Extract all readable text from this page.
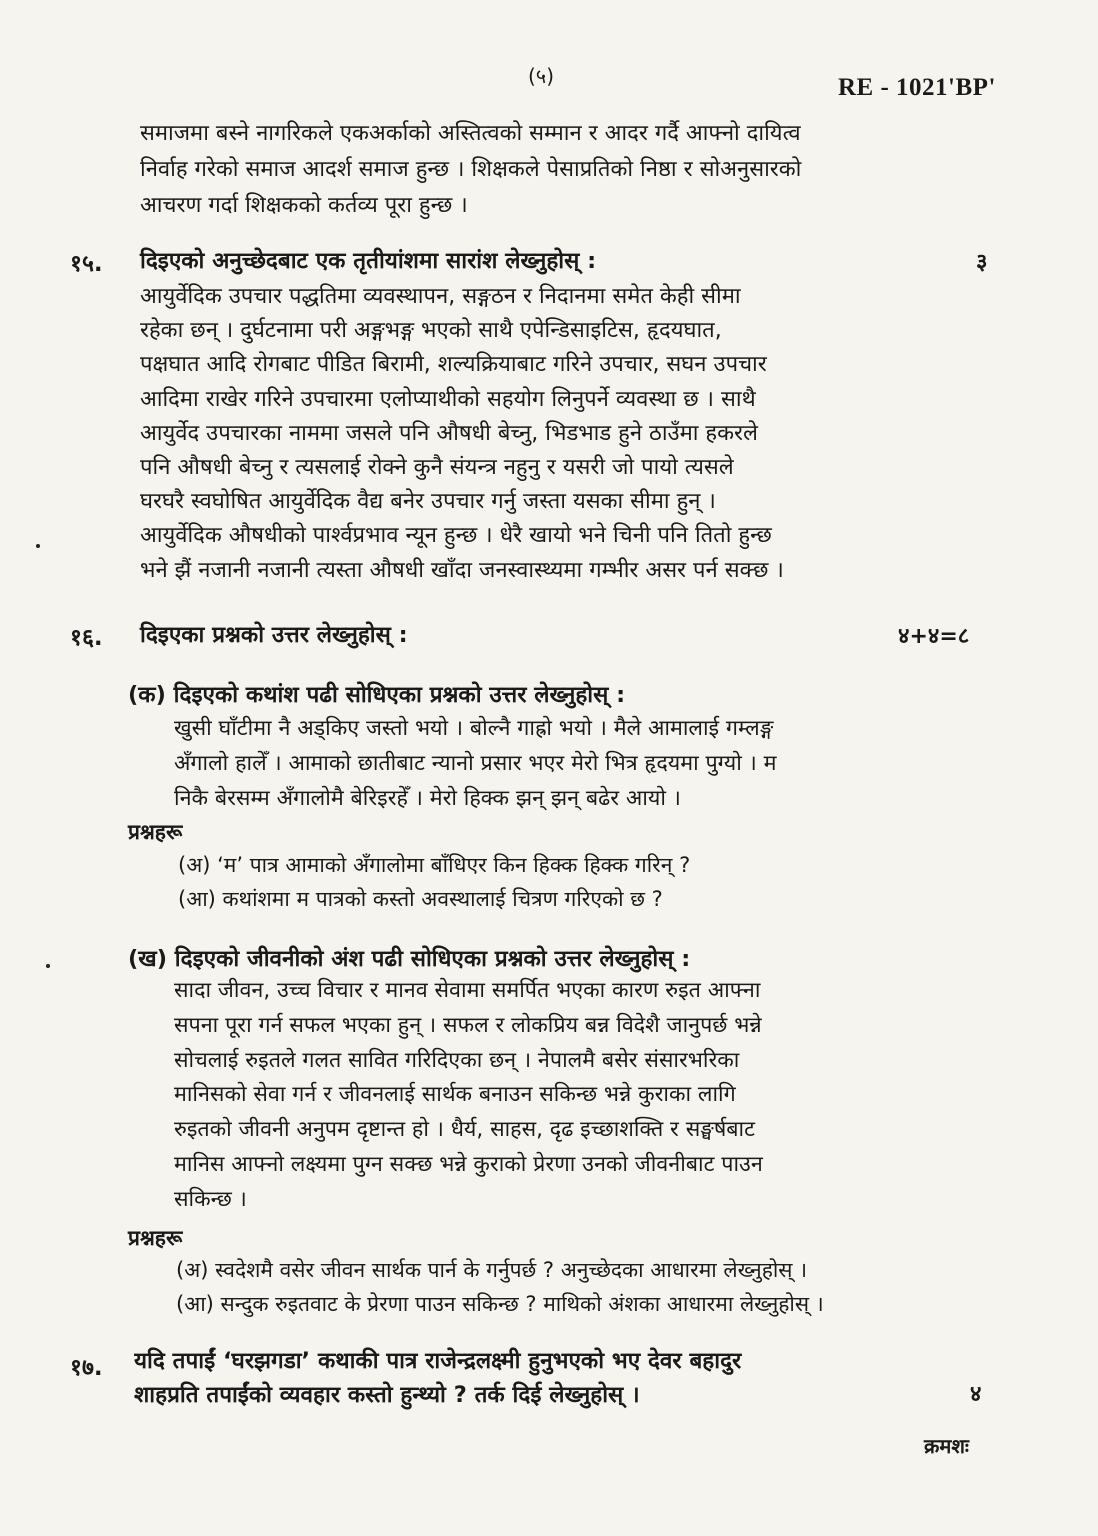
(५)	RE - 1021'BP'
समाजमा बस्ने नागरिकले एकअर्काको अस्तित्वको सम्मान र आदर गर्दै आफ्नो दायित्व
निर्वाह गरेको समाज आदर्श समाज हुन्छ । शिक्षकले पेसाप्रतिको निष्ठा र सोअनुसारको
आचरण गर्दा शिक्षकको कर्तव्य पूरा हुन्छ ।
१५. दिइएको अनुच्छेदबाट एक तृतीयांशमा सारांश लेख्नुहोस् :	३
आयुर्वेदिक उपचार पद्धतिमा व्यवस्थापन, सङ्गठन र निदानमा समेत केही सीमा
रहेका छन् । दुर्घटनामा परी अङ्गभङ्ग भएको साथै एपेन्डिसाइटिस, हृदयघात,
पक्षघात आदि रोगबाट पीडित बिरामी, शल्यक्रियाबाट गरिने उपचार, सघन उपचार
आदिमा राखेर गरिने उपचारमा एलोप्याथीको सहयोग लिनुपर्ने व्यवस्था छ । साथै
आयुर्वेद उपचारका नाममा जसले पनि औषधी बेच्नु, भिडभाड हुने ठाउँमा हकरले
पनि औषधी बेच्नु र त्यसलाई रोक्ने कुनै संयन्त्र नहुनु र यसरी जो पायो त्यसले
घरघरै स्वघोषित आयुर्वेदिक वैद्य बनेर उपचार गर्नु जस्ता यसका सीमा हुन् ।
आयुर्वेदिक औषधीको पार्श्वप्रभाव न्यून हुन्छ । धेरै खायो भने चिनी पनि तितो हुन्छ
भने झैं नजानी नजानी त्यस्ता औषधी खाँदा जनस्वास्थ्यमा गम्भीर असर पर्न सक्छ ।
१६. दिइएका प्रश्नको उत्तर लेख्नुहोस् :	४+४=८
(क) दिइएको कथांश पढी सोधिएका प्रश्नको उत्तर लेख्नुहोस् :
खुसी घाँटीमा नै अड्किए जस्तो भयो । बोल्नै गाह्रो भयो । मैले आमालाई गम्लङ्ग
अँगालो हालेँ । आमाको छातीबाट न्यानो प्रसार भएर मेरो भित्र हृदयमा पुग्यो । म
निकै बेरसम्म अँगालोमै बेरिइरहेँ । मेरो हिक्क झन् झन् बढेर आयो ।
प्रश्नहरू
(अ) ‘म’ पात्र आमाको अँगालोमा बाँधिएर किन हिक्क हिक्क गरिन् ?
(आ) कथांशमा म पात्रको कस्तो अवस्थालाई चित्रण गरिएको छ ?
(ख) दिइएको जीवनीको अंश पढी सोधिएका प्रश्नको उत्तर लेख्नुहोस् :
सादा जीवन, उच्च विचार र मानव सेवामा समर्पित भएका कारण रुइत आफ्ना
सपना पूरा गर्न सफल भएका हुन् । सफल र लोकप्रिय बन्न विदेशै जानुपर्छ भन्ने
सोचलाई रुइतले गलत सावित गरिदिएका छन् । नेपालमै बसेर संसारभरिका
मानिसको सेवा गर्न र जीवनलाई सार्थक बनाउन सकिन्छ भन्ने कुराका लागि
रुइतको जीवनी अनुपम दृष्टान्त हो । धैर्य, साहस, दृढ इच्छाशक्ति र सङ्घर्षबाट
मानिस आफ्नो लक्ष्यमा पुग्न सक्छ भन्ने कुराको प्रेरणा उनको जीवनीबाट पाउन
सकिन्छ ।
प्रश्नहरू
(अ) स्वदेशमै वसेर जीवन सार्थक पार्न के गर्नुपर्छ ? अनुच्छेदका आधारमा लेख्नुहोस् ।
(आ) सन्दुक रुइतवाट के प्रेरणा पाउन सकिन्छ ? माथिको अंशका आधारमा लेख्नुहोस् ।
१७. यदि तपाईं ‘घरझगडा’ कथाकी पात्र राजेन्द्रलक्ष्मी हुनुभएको भए देवर बहादुर
शाहप्रति तपाईंको व्यवहार कस्तो हुन्थ्यो ? तर्क दिई लेख्नुहोस् ।	४
क्रमशः
